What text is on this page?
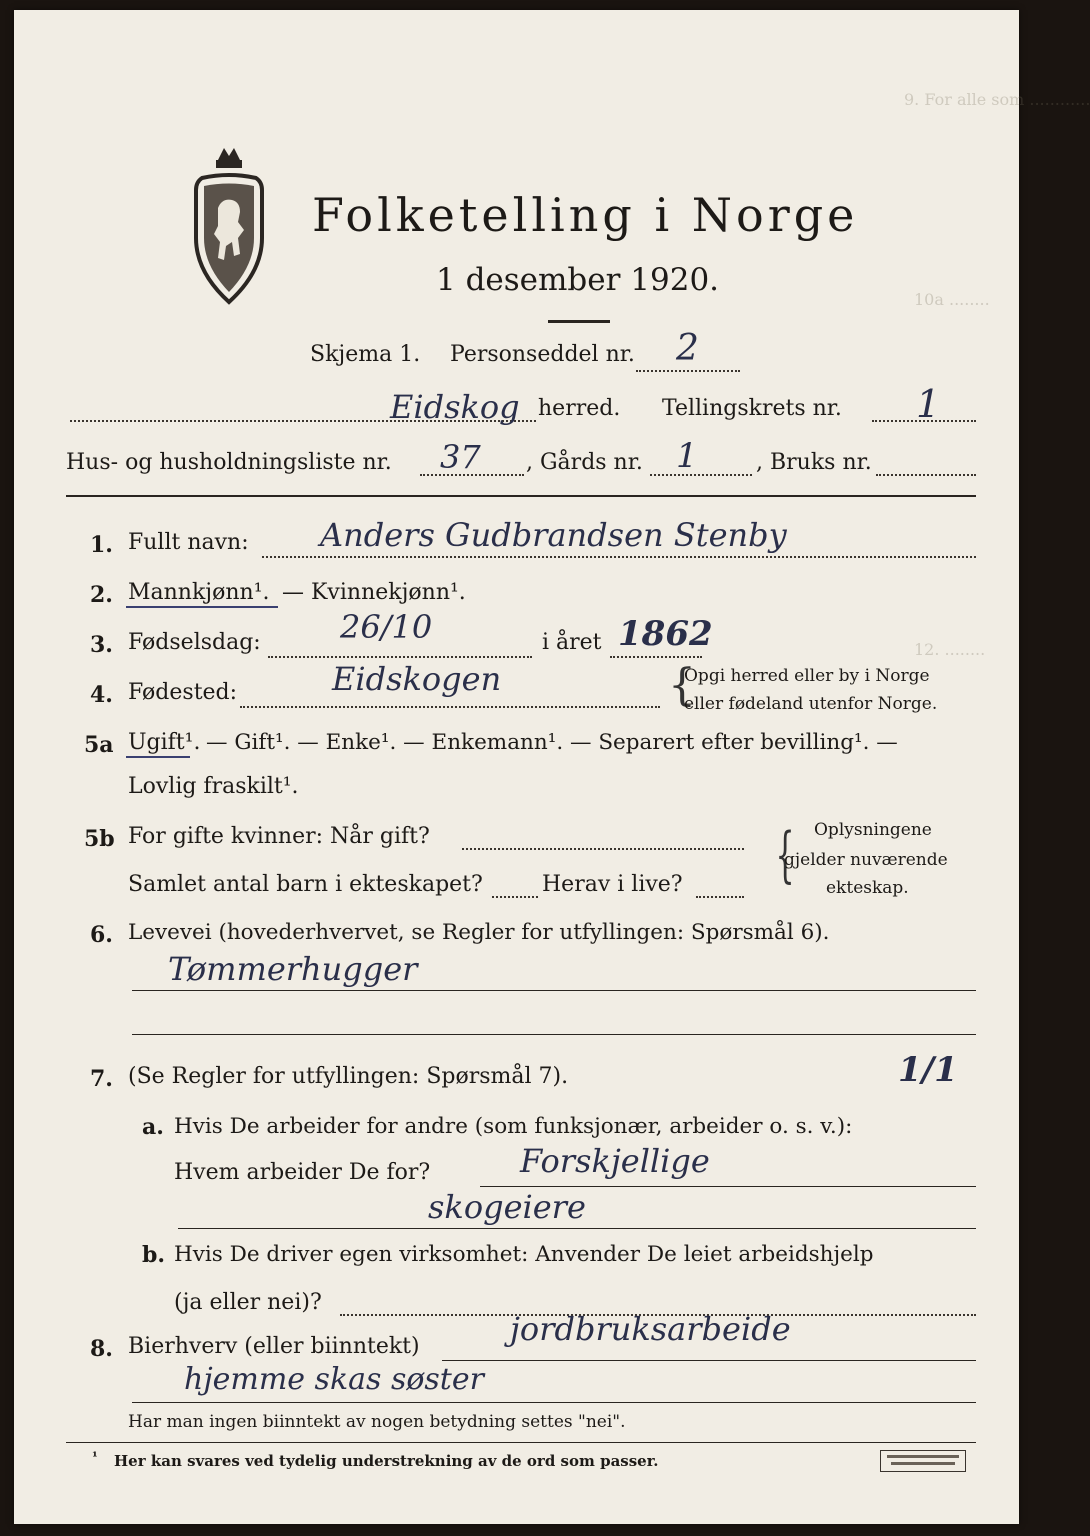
9. For alle som ............
10a ........
12. ........
Folketelling i Norge
1 desember 1920.
Skjema 1. Personseddel nr. 2
Eidskog herred. Tellingskrets nr. 1
Hus- og husholdningsliste nr. 37 , Gårds nr. 1	, Bruks nr.
1. Fullt navn: Anders Gudbrandsen Stenby
2. Mannkjønn¹. — Kvinnekjønn¹.
3. Fødselsdag: 26/10	i året 1862
4. Fødested:	Eidskogen	{
Opgi herred eller by i Norge
eller fødeland utenfor Norge.
5a Ugift¹. — Gift¹. — Enke¹. — Enkemann¹. — Separert efter bevilling¹. —
Lovlig fraskilt¹.
5b For gifte kvinner: Når gift?
Samlet antal barn i ekteskapet?	Herav i live? { Oplysningene
gjelder nuværende
ekteskap.
6. Levevei (hovederhvervet, se Regler for utfyllingen: Spørsmål 6).
Tømmerhugger
7. (Se Regler for utfyllingen: Spørsmål 7).	1/1
a. Hvis De arbeider for andre (som funksjonær, arbeider o. s. v.):
Hvem arbeider De for?	Forskjellige
skogeiere
b. Hvis De driver egen virksomhet: Anvender De leiet arbeidshjelp
(ja eller nei)?
8. Bierhverv (eller biinntekt)	jordbruksarbeide
hjemme skas søster
Har man ingen biinntekt av nogen betydning settes "nei".
¹ Her kan svares ved tydelig understrekning av de ord som passer.
